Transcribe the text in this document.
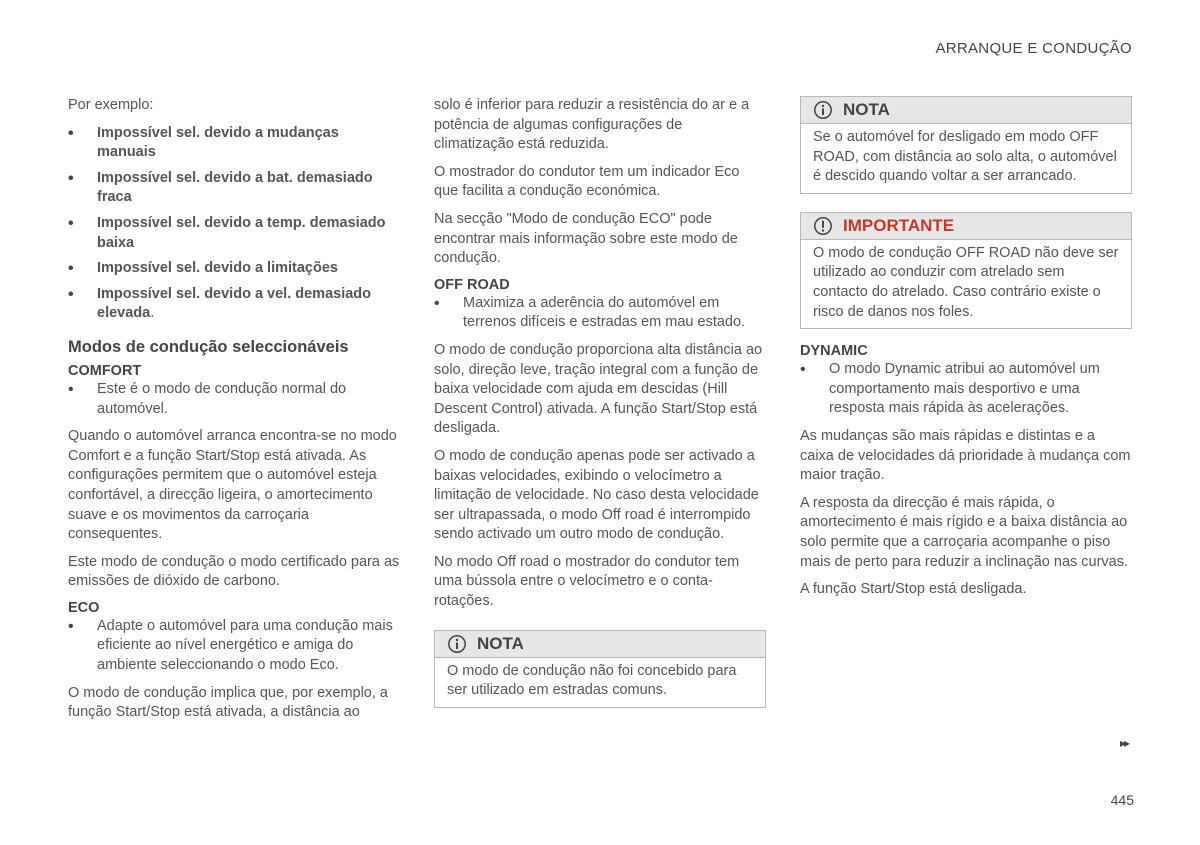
ARRANQUE E CONDUÇÃO

Por exemplo:

• Impossível sel. devido a mudanças manuais
• Impossível sel. devido a bat. demasiado fraca
• Impossível sel. devido a temp. demasiado baixa
• Impossível sel. devido a limitações
• Impossível sel. devido a vel. demasiado elevada.
Modos de condução seleccionáveis
COMFORT
• Este é o modo de condução normal do automóvel.

Quando o automóvel arranca encontra-se no modo Comfort e a função Start/Stop está ativada. As configurações permitem que o automóvel esteja confortável, a direcção ligeira, o amortecimento suave e os movimentos da carroçaria consequentes.

Este modo de condução o modo certificado para as emissões de dióxido de carbono.

ECO
• Adapte o automóvel para uma condução mais eficiente ao nível energético e amiga do ambiente seleccionando o modo Eco.

O modo de condução implica que, por exemplo, a função Start/Stop está ativada, a distância ao

solo é inferior para reduzir a resistência do ar e a potência de algumas configurações de climatização está reduzida.

O mostrador do condutor tem um indicador Eco que facilita a condução económica.

Na secção "Modo de condução ECO" pode encontrar mais informação sobre este modo de condução.

OFF ROAD
• Maximiza a aderência do automóvel em terrenos difíceis e estradas em mau estado.

O modo de condução proporciona alta distância ao solo, direção leve, tração integral com a função de baixa velocidade com ajuda em descidas (Hill Descent Control) ativada. A função Start/Stop está desligada.

O modo de condução apenas pode ser activado a baixas velocidades, exibindo o velocímetro a limitação de velocidade. No caso desta velocidade ser ultrapassada, o modo Off road é interrompido sendo activado um outro modo de condução.

No modo Off road o mostrador do condutor tem uma bússola entre o velocímetro e o conta-rotações.

NOTA

O modo de condução não foi concebido para ser utilizado em estradas comuns.

NOTA

Se o automóvel for desligado em modo OFF ROAD, com distância ao solo alta, o automóvel é descido quando voltar a ser arrancado.

IMPORTANTE

O modo de condução OFF ROAD não deve ser utilizado ao conduzir com atrelado sem contacto do atrelado. Caso contrário existe o risco de danos nos foles.

DYNAMIC
• O modo Dynamic atribui ao automóvel um comportamento mais desportivo e uma resposta mais rápida às acelerações.

As mudanças são mais rápidas e distintas e a caixa de velocidades dá prioridade à mudança com maior tração.

A resposta da direcção é mais rápida, o amortecimento é mais rígido e a baixa distância ao solo permite que a carroçaria acompanhe o piso mais de perto para reduzir a inclinação nas curvas.

A função Start/Stop está desligada.

▸▸
445
